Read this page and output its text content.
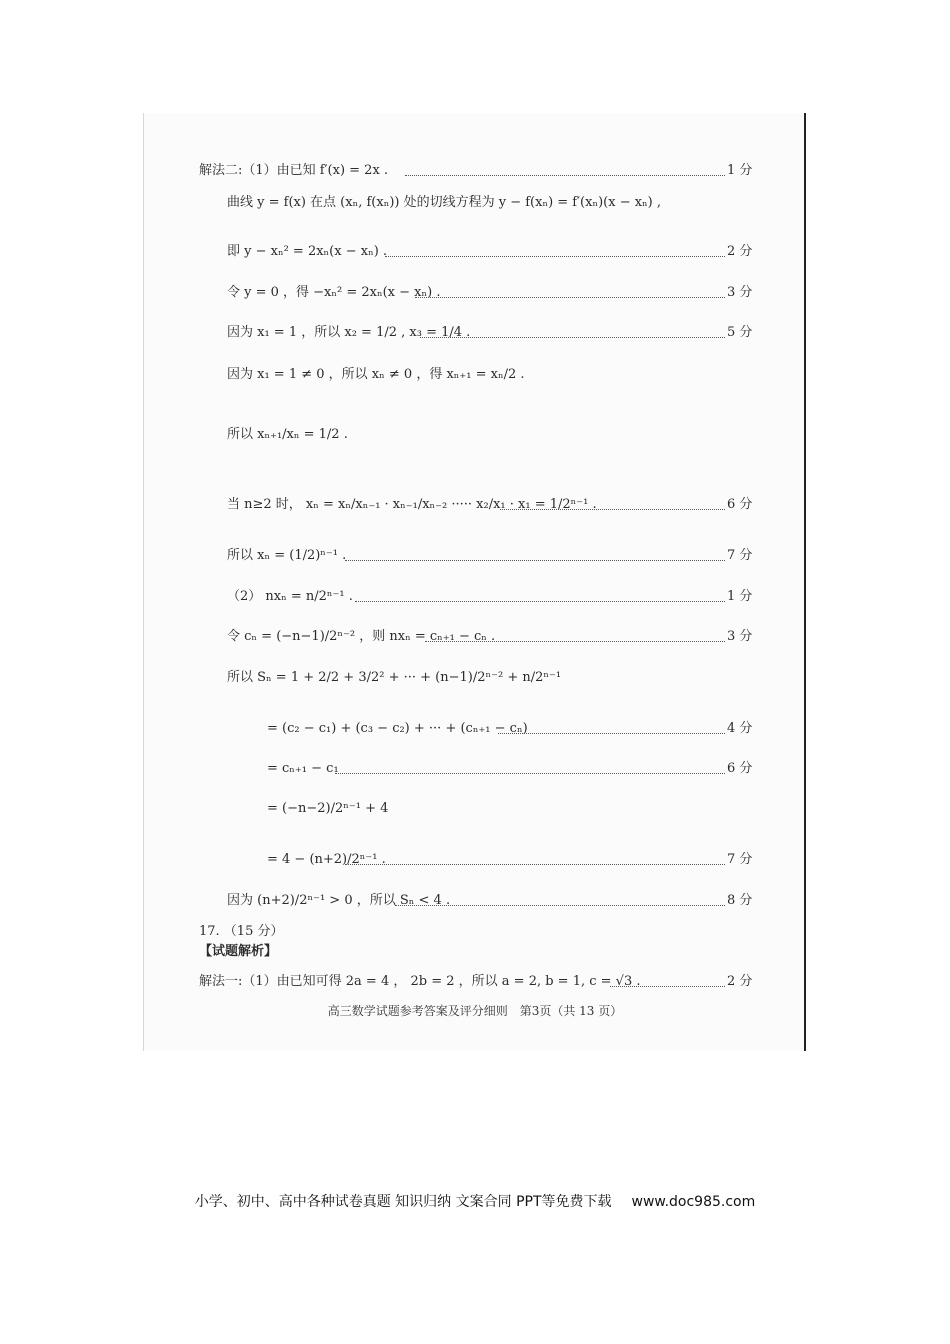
解法二:（1）由已知 f′(x) = 2x .	1 分
曲线 y = f(x) 在点 (xₙ, f(xₙ)) 处的切线方程为 y − f(xₙ) = f′(xₙ)(x − xₙ) ,
即 y − xₙ² = 2xₙ(x − xₙ) .	2 分
令 y = 0 ，得 −xₙ² = 2xₙ(x − xₙ) .	3 分
因为 x₁ = 1 ，所以 x₂ = 1/2 , x₃ = 1/4 .	5 分
因为 x₁ = 1 ≠ 0 ，所以 xₙ ≠ 0 ，得 xₙ₊₁ = xₙ/2 .
所以 xₙ₊₁/xₙ = 1/2 .
当 n≥2 时， xₙ = xₙ/xₙ₋₁ · xₙ₋₁/xₙ₋₂ ····· x₂/x₁ · x₁ = 1/2ⁿ⁻¹ .	6 分
所以 xₙ = (1/2)ⁿ⁻¹ .	7 分
（2） nxₙ = n/2ⁿ⁻¹ .	1 分
令 cₙ = (−n−1)/2ⁿ⁻² ，则 nxₙ = cₙ₊₁ − cₙ .	3 分
所以 Sₙ = 1 + 2/2 + 3/2² + ··· + (n−1)/2ⁿ⁻² + n/2ⁿ⁻¹
= (c₂ − c₁) + (c₃ − c₂) + ··· + (cₙ₊₁ − cₙ)	4 分
= cₙ₊₁ − c₁	6 分
= (−n−2)/2ⁿ⁻¹ + 4
= 4 − (n+2)/2ⁿ⁻¹ .	7 分
因为 (n+2)/2ⁿ⁻¹ > 0 ，所以 Sₙ < 4 .	8 分
17. （15 分）
【试题解析】
解法一:（1）由已知可得 2a = 4 ， 2b = 2 ，所以 a = 2, b = 1, c = √3 .	2 分
高三数学试题参考答案及评分细则　第3页（共 13 页）
小学、初中、高中各种试卷真题 知识归纳 文案合同 PPT等免费下载 www.doc985.com
